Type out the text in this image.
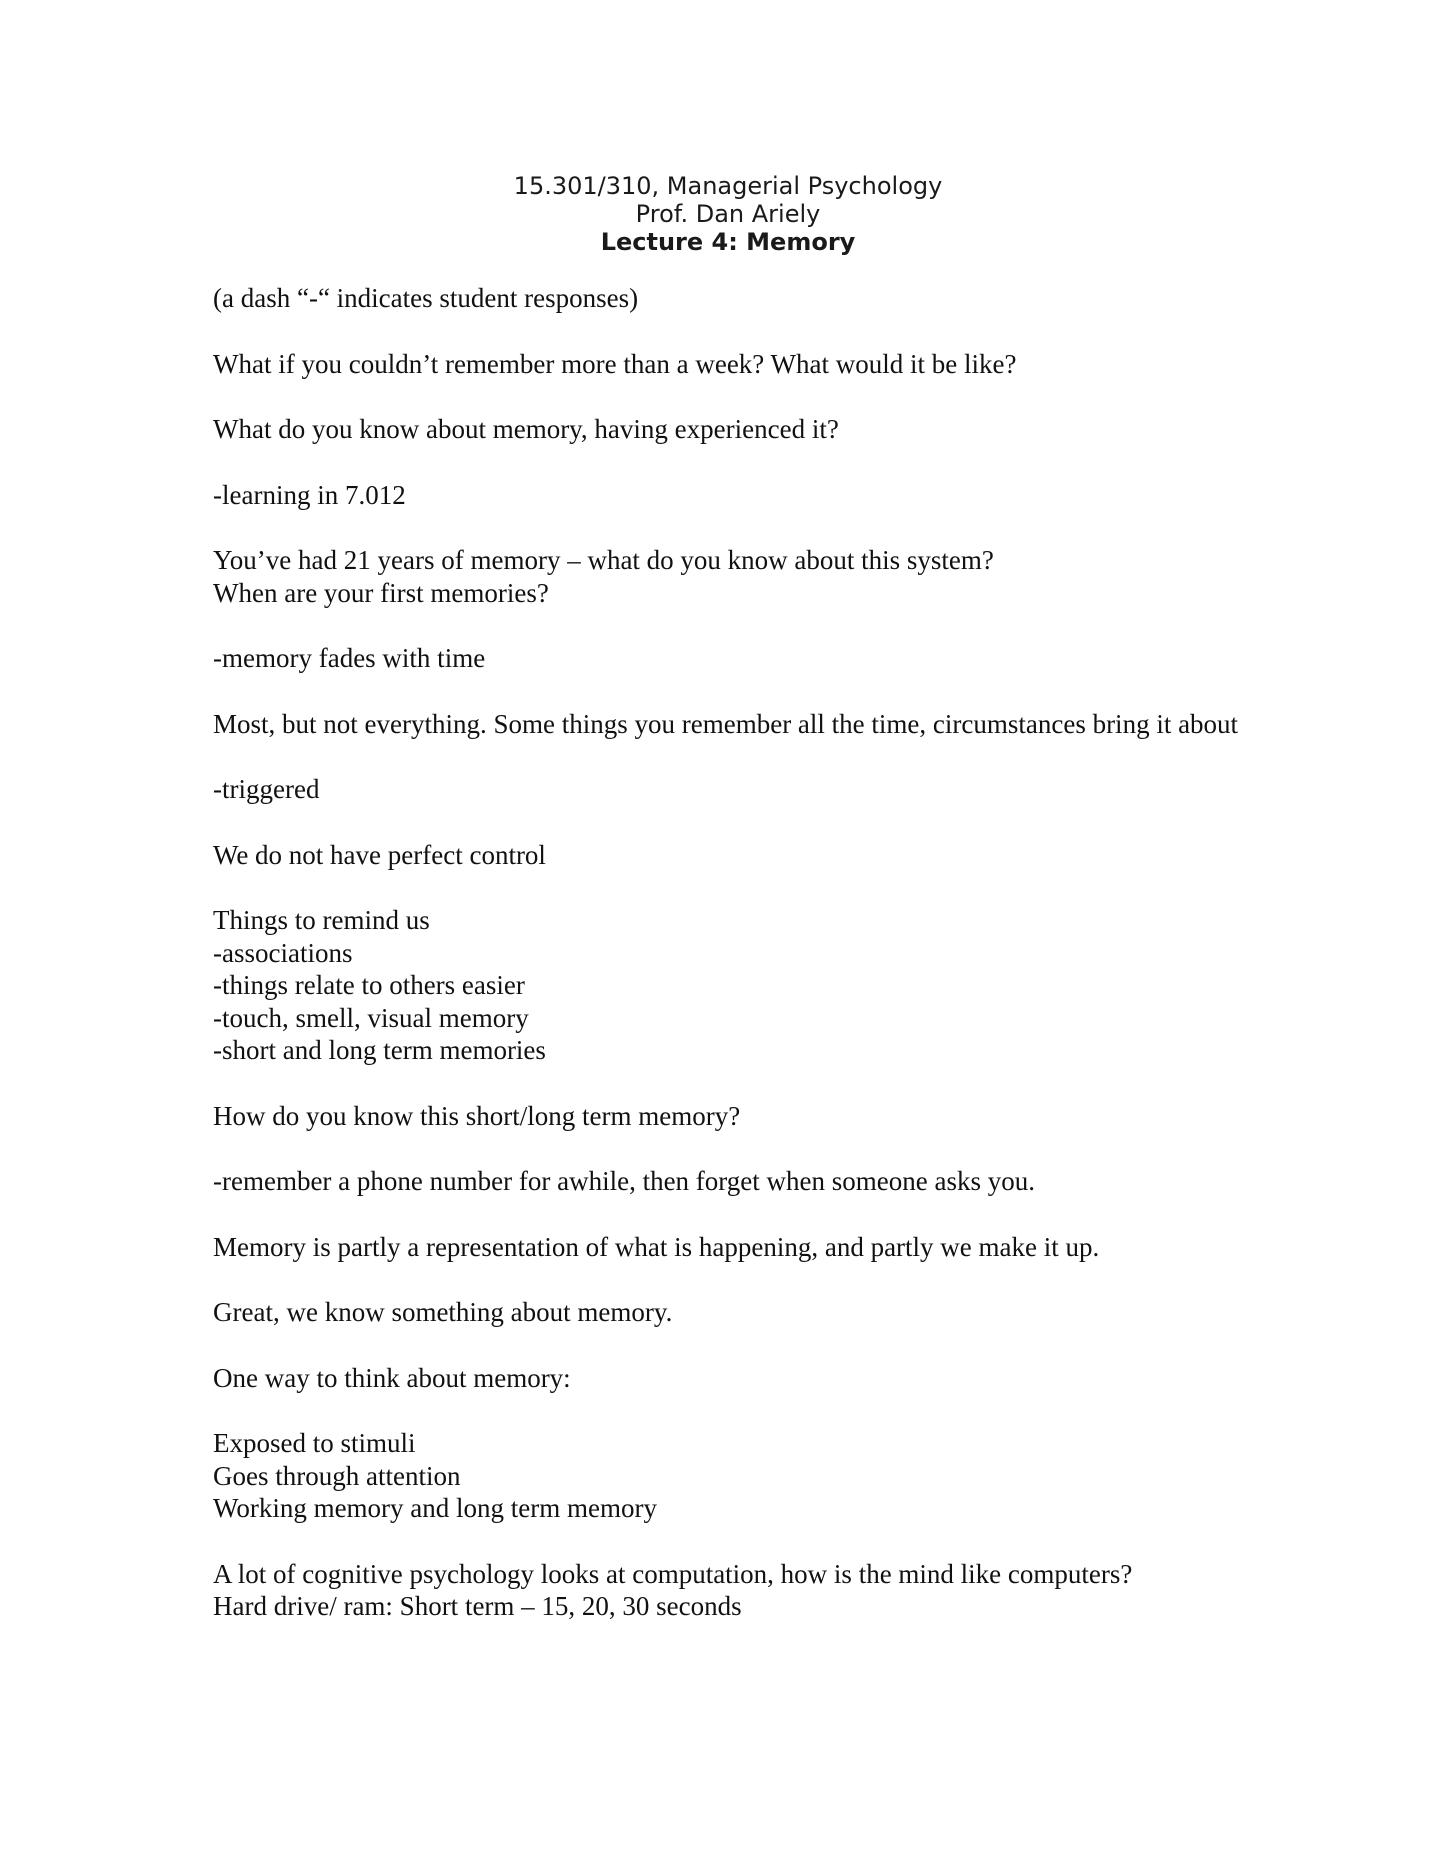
15.301/310, Managerial Psychology
Prof. Dan Ariely
Lecture 4: Memory

(a dash “-“ indicates student responses)

What if you couldn’t remember more than a week? What would it be like?

What do you know about memory, having experienced it?

-learning in 7.012

You’ve had 21 years of memory – what do you know about this system?
When are your first memories?

-memory fades with time

Most, but not everything. Some things you remember all the time, circumstances bring it about

-triggered

We do not have perfect control

Things to remind us
-associations
-things relate to others easier
-touch, smell, visual memory
-short and long term memories

How do you know this short/long term memory?

-remember a phone number for awhile, then forget when someone asks you.

Memory is partly a representation of what is happening, and partly we make it up.

Great, we know something about memory.

One way to think about memory:

Exposed to stimuli
Goes through attention
Working memory and long term memory

A lot of cognitive psychology looks at computation, how is the mind like computers?
Hard drive/ ram: Short term – 15, 20, 30 seconds
